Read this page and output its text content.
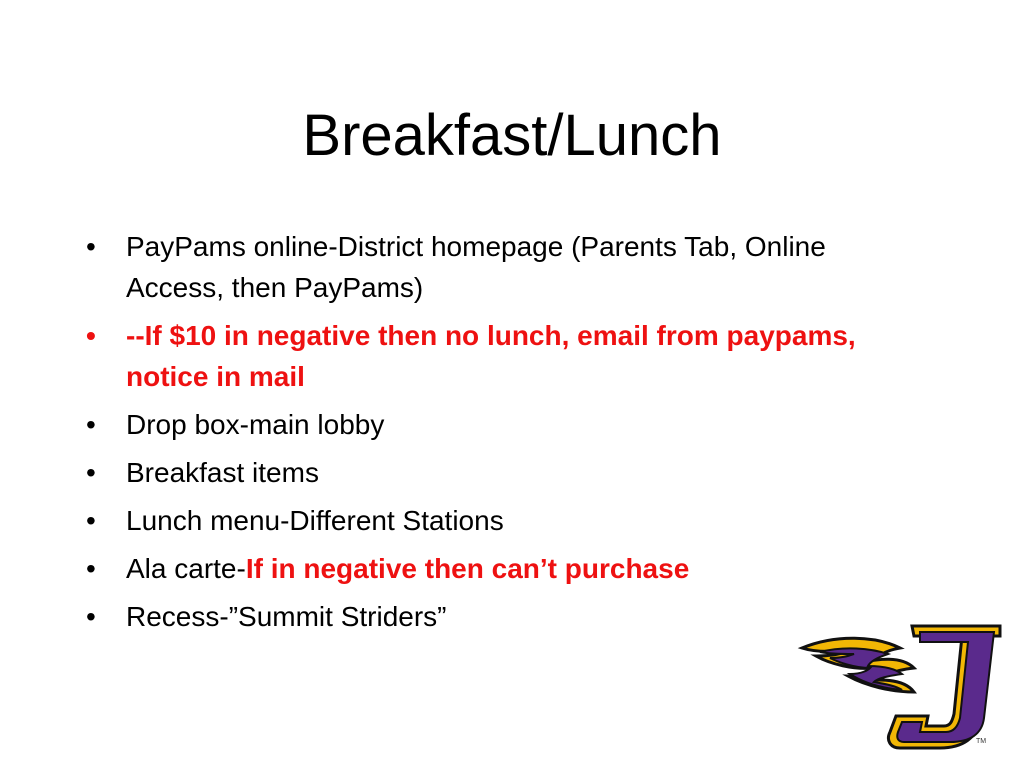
Breakfast/Lunch
• PayPams online-District homepage (Parents Tab, Online Access, then PayPams)
• --If $10 in negative then no lunch, email from paypams, notice in mail
• Drop box-main lobby
• Breakfast items
• Lunch menu-Different Stations
• Ala carte-If in negative then can’t purchase
• Recess-”Summit Striders”
TM
